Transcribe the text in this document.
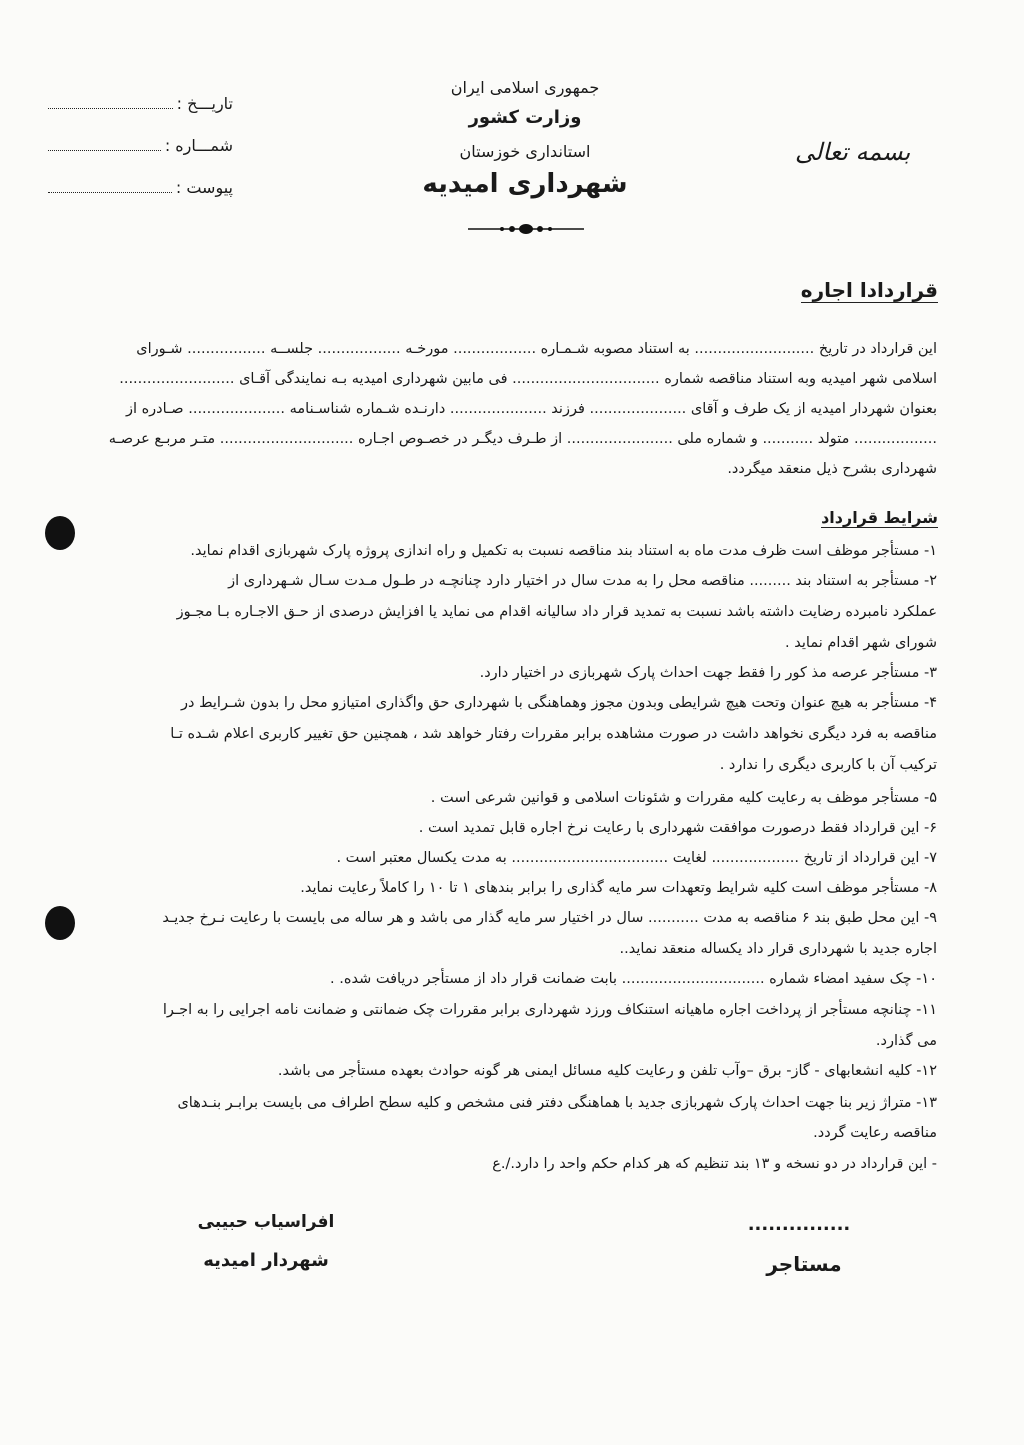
تاریـــخ :
شمـــاره :
پیوست :
جمهوری اسلامی ایران
وزارت کشور
استانداری خوزستان
شهرداری امیدیه
بسمه تعالی
قراردادا اجاره
این قرارداد در تاریخ .......................... به استناد مصوبه شـمـاره .................. مورخـه .................. جلســه ................. شـورای
اسلامی شهر امیدیه وبه استناد مناقصه شماره ................................ فی مابین شهرداری امیدیه بـه نمایندگی آقـای .........................
بعنوان شهردار امیدیه از یک طرف و آقای ..................... فرزند ..................... دارنـده شـماره شناسـنامه ..................... صـادره از
.................. متولد ........... و شماره ملی ....................... از طـرف دیگـر در خصـوص اجـاره ............................. متـر مربـع عرصـه
شهرداری بشرح ذیل منعقد میگردد.
شرایط قرارداد
۱- مستأجر موظف است ظرف مدت ماه به استناد بند مناقصه نسبت به تکمیل و راه اندازی پروژه پارک شهربازی اقدام نماید.
۲- مستأجر به استناد بند ......... مناقصه محل را به مدت سال در اختیار دارد چنانچـه در طـول مـدت سـال شـهرداری از
عملکرد نامبرده رضایت داشته باشد نسبت به تمدید قرار داد سالیانه اقدام می نماید یا افزایش درصدی از حـق الاجـاره بـا مجـوز
شورای شهر اقدام نماید .
۳- مستأجر عرصه مذ کور را فقط جهت احداث پارک شهربازی در اختیار دارد.
۴- مستأجر به هیچ عنوان وتحت هیچ شرایطی وبدون مجوز وهماهنگی با شهرداری حق واگذاری امتیازو محل را بدون شـرایط در
مناقصه به فرد دیگری نخواهد داشت در صورت مشاهده برابر مقررات رفتار خواهد شد ، همچنین حق تغییر کاربری اعلام شـده تـا
ترکیب آن با کاربری دیگری را ندارد .
۵- مستأجر موظف به رعایت کلیه مقررات و شئونات اسلامی و قوانین شرعی است .
۶- این قرارداد فقط درصورت موافقت شهرداری با رعایت نرخ اجاره قابل تمدید است .
۷- این قرارداد از تاریخ ................... لغایت .................................. به مدت یکسال معتبر است .
۸- مستأجر موظف است کلیه شرایط وتعهدات سر مایه گذاری را برابر بندهای ۱ تا ۱۰ را کاملاً رعایت نماید.
۹- این محل طبق بند ۶ مناقصه به مدت ........... سال در اختیار سر مایه گذار می باشد و هر ساله می بایست با رعایت نـرخ جدیـد
اجاره جدید با شهرداری قرار داد یکساله منعقد نماید..
۱۰- چک سفید امضاء شماره ............................... بابت ضمانت قرار داد از مستأجر دریافت شده. .
۱۱- چنانچه مستأجر از پرداخت اجاره ماهیانه استنکاف ورزد شهرداری برابر مقررات چک ضمانتی و ضمانت نامه اجرایی را به اجـرا
می گذارد.
۱۲- کلیه انشعابهای - گاز- برق –وآب تلفن و رعایت کلیه مسائل ایمنی هر گونه حوادث بعهده مستأجر می باشد.
۱۳- متراژ زیر بنا جهت احداث پارک شهربازی جدید با هماهنگی دفتر فنی مشخص و کلیه سطح اطراف می بایست برابـر بنـدهای
مناقصه رعایت گردد.
- این قرارداد در دو نسخه و ۱۳ بند تنظیم که هر کدام حکم واحد را دارد./.ع
...............
مستاجر
افراسیاب حبیبی
شهردار امیدیه
